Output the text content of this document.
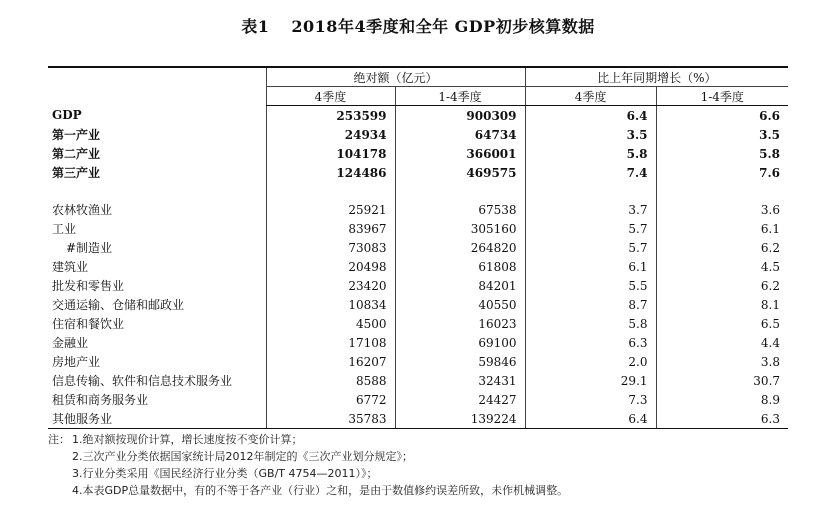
表1 2018年4季度和全年 GDP初步核算数据
	绝对额（亿元）		比上年同期增长（%）	
	4季度	1-4季度	4季度	1-4季度
GDP	253599	900309	6.4	6.6
第一产业	24934	64734	3.5	3.5
第二产业	104178	366001	5.8	5.8
第三产业	124486	469575	7.4	7.6

农林牧渔业	25921	67538	3.7	3.6
工业	83967	305160	5.7	6.1
#制造业	73083	264820	5.7	6.2
建筑业	20498	61808	6.1	4.5
批发和零售业	23420	84201	5.5	6.2
交通运输、仓储和邮政业	10834	40550	8.7	8.1
住宿和餐饮业	4500	16023	5.8	6.5
金融业	17108	69100	6.3	4.4
房地产业	16207	59846	2.0	3.8
信息传输、软件和信息技术服务业	8588	32431	29.1	30.7
租赁和商务服务业	6772	24427	7.3	8.9
其他服务业	35783	139224	6.4	6.3
注： 1.绝对额按现价计算，增长速度按不变价计算；
2.三次产业分类依据国家统计局2012年制定的《三次产业划分规定》；
3.行业分类采用《国民经济行业分类（GB/T 4754—2011）》；
4.本表GDP总量数据中，有的不等于各产业（行业）之和，是由于数值修约误差所致，未作机械调整。
